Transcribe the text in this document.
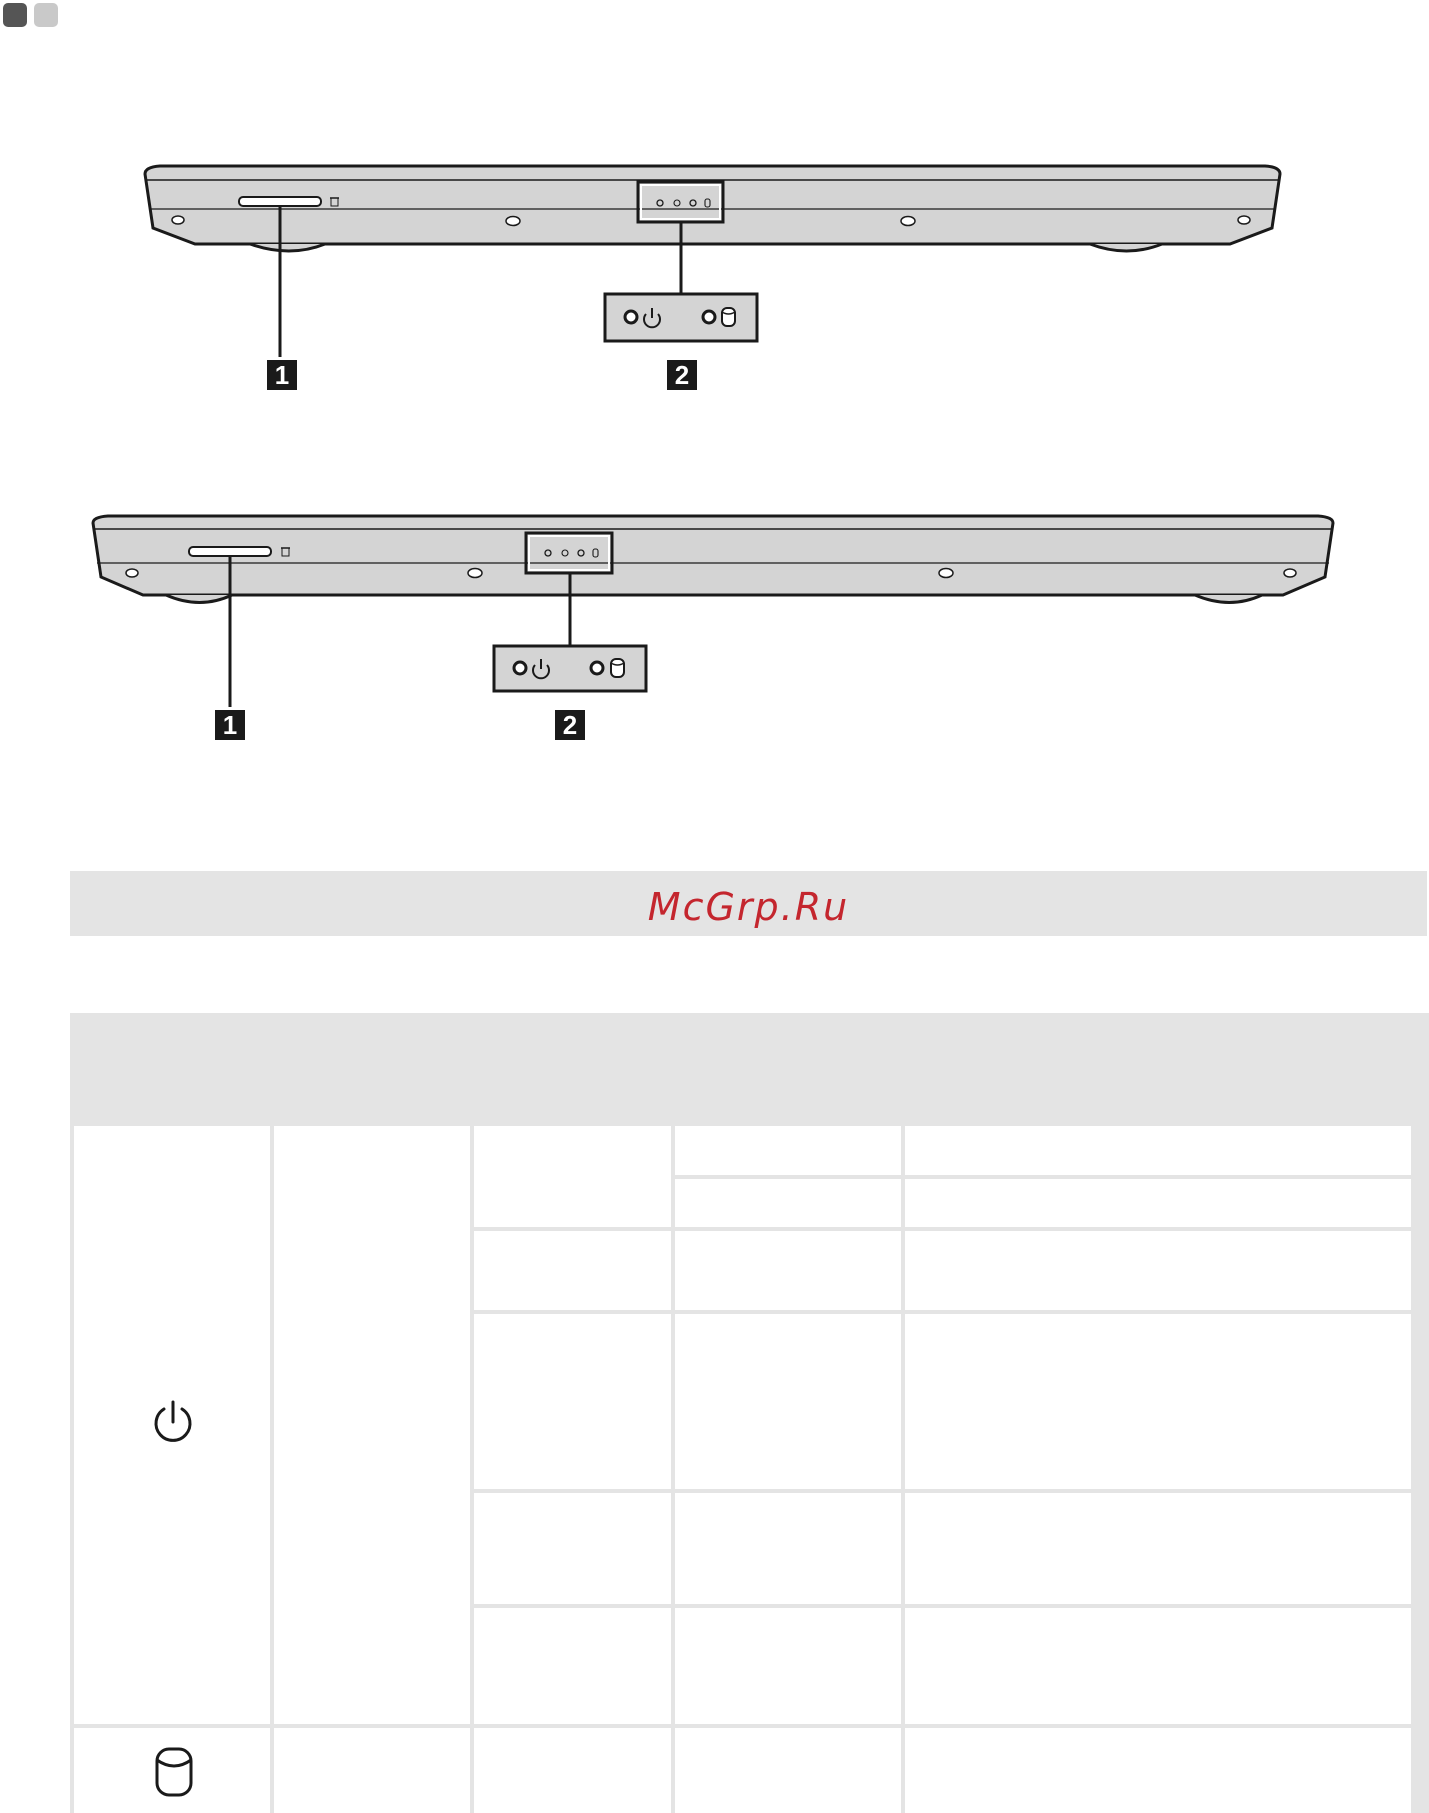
1	2
1	2
McGrp.Ru
